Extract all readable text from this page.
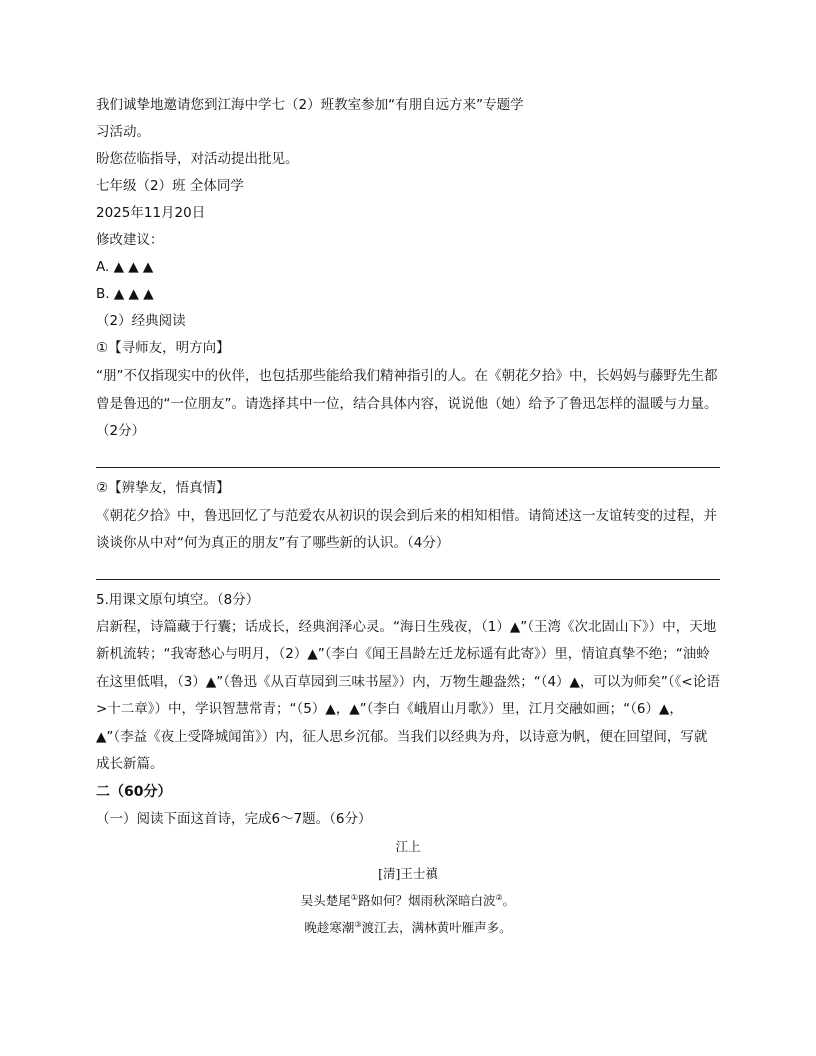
我们诚挚地邀请您到江海中学七（2）班教室参加“有朋自远方来”专题学
习活动。
盼您莅临指导，对活动提出批见。
七年级（2）班 全体同学
2025年11月20日
修改建议：
A. ▲ ▲ ▲
B. ▲ ▲ ▲
（2）经典阅读
①【寻师友，明方向】
“朋”不仅指现实中的伙伴，也包括那些能给我们精神指引的人。在《朝花夕拾》中，长妈妈与藤野先生都曾是鲁迅的“一位朋友”。请选择其中一位，结合具体内容，说说他（她）给予了鲁迅怎样的温暖与力量。（2分）
②【辨挚友，悟真情】
《朝花夕拾》中，鲁迅回忆了与范爱农从初识的误会到后来的相知相惜。请简述这一友谊转变的过程，并谈谈你从中对“何为真正的朋友”有了哪些新的认识。（4分）
5.用课文原句填空。（8分）
启新程，诗篇藏于行囊；话成长，经典润泽心灵。“海日生残夜，（1）▲”（王湾《次北固山下》）中，天地新机流转；“我寄愁心与明月，（2）▲”（李白《闻王昌龄左迁龙标遥有此寄》）里，情谊真挚不绝；“油蛉在这里低唱，（3）▲”（鲁迅《从百草园到三味书屋》）内，万物生趣盎然；“（4）▲，可以为师矣”（《<论语>十二章》）中，学识智慧常青；“（5）▲，▲”（李白《峨眉山月歌》）里，江月交融如画；“（6）▲，▲”（李益《夜上受降城闻笛》）内，征人思乡沉郁。当我们以经典为舟，以诗意为帆，便在回望间，写就成长新篇。
二（60分）
（一）阅读下面这首诗，完成6～7题。（6分）
江上
[清]王士禛
吴头楚尾①路如何？烟雨秋深暗白波②。
晚趁寒潮③渡江去，满林黄叶雁声多。
